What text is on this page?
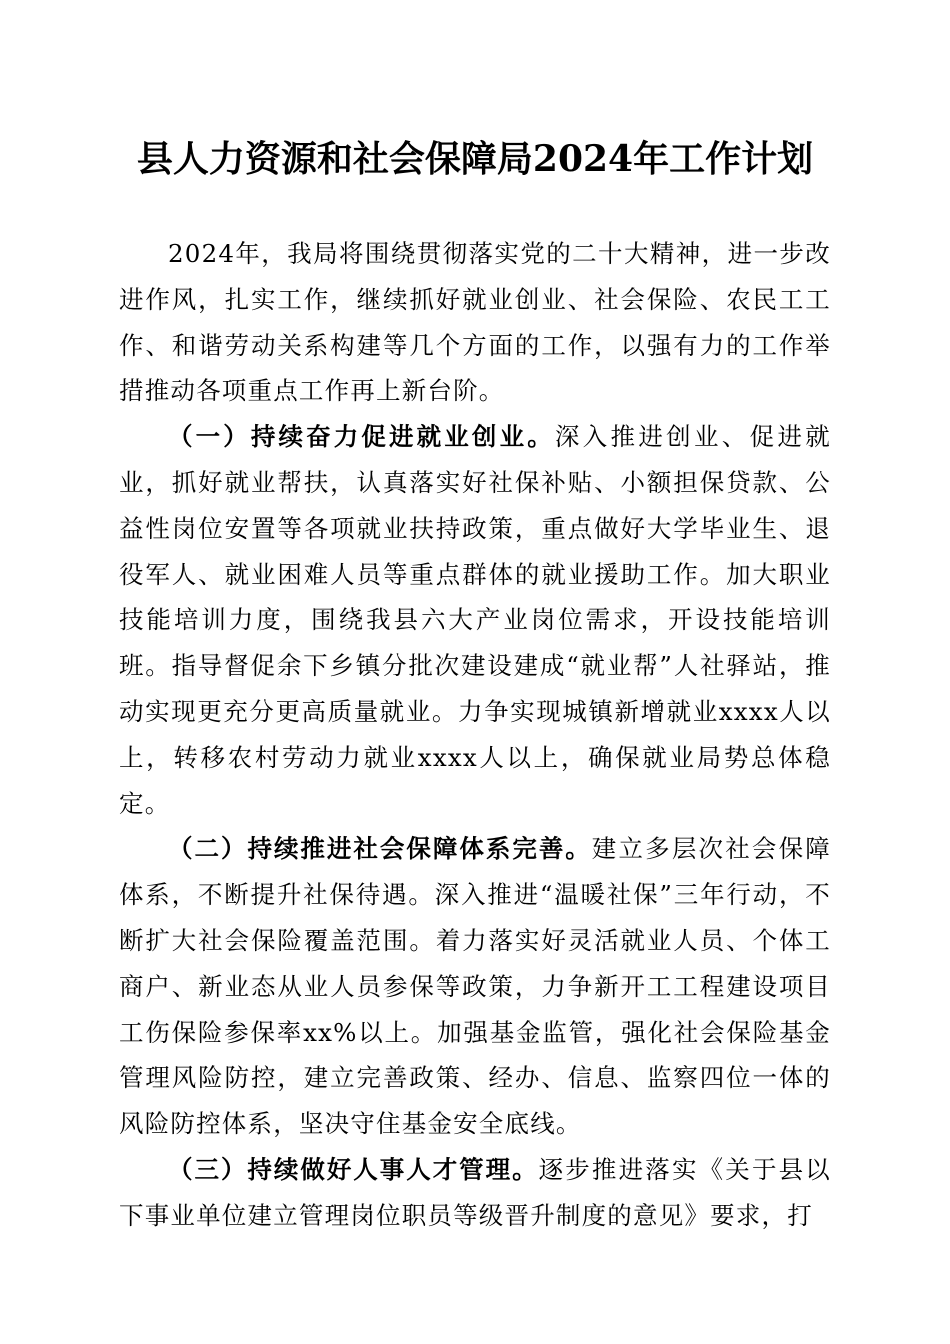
县人力资源和社会保障局2024年工作计划

2024年，我局将围绕贯彻落实党的二十大精神，进一步改进作风，扎实工作，继续抓好就业创业、社会保险、农民工工作、和谐劳动关系构建等几个方面的工作，以强有力的工作举措推动各项重点工作再上新台阶。

（一）持续奋力促进就业创业。深入推进创业、促进就业，抓好就业帮扶，认真落实好社保补贴、小额担保贷款、公益性岗位安置等各项就业扶持政策，重点做好大学毕业生、退役军人、就业困难人员等重点群体的就业援助工作。加大职业技能培训力度，围绕我县六大产业岗位需求，开设技能培训班。指导督促余下乡镇分批次建设建成“就业帮”人社驿站，推动实现更充分更高质量就业。力争实现城镇新增就业xxxx人以上，转移农村劳动力就业xxxx人以上，确保就业局势总体稳定。

（二）持续推进社会保障体系完善。建立多层次社会保障体系，不断提升社保待遇。深入推进“温暖社保”三年行动，不断扩大社会保险覆盖范围。着力落实好灵活就业人员、个体工商户、新业态从业人员参保等政策，力争新开工工程建设项目工伤保险参保率xx%以上。加强基金监管，强化社会保险基金管理风险防控，建立完善政策、经办、信息、监察四位一体的风险防控体系，坚决守住基金安全底线。

（三）持续做好人事人才管理。逐步推进落实《关于县以下事业单位建立管理岗位职员等级晋升制度的意见》要求，打
